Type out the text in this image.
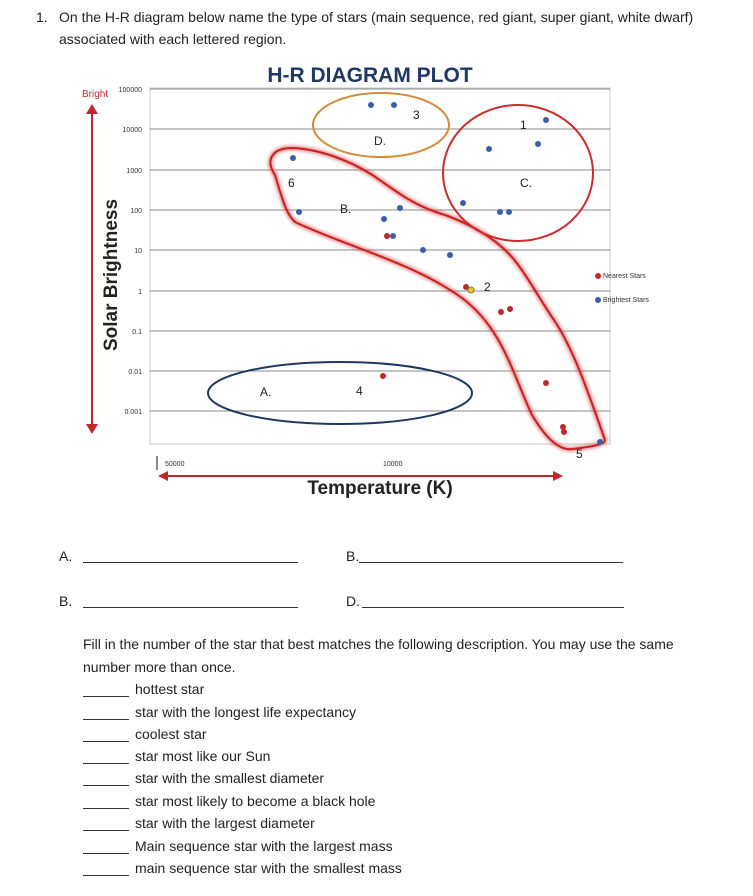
1. On the H-R diagram below name the type of stars (main sequence, red giant, super giant, white dwarf)
associated with each lettered region.
H-R DIAGRAM PLOT
100000
10000
1000
100
10
1
0.1
0.01
0.001
Bright
Solar Brightness
50000	10000
Temperature (K)
A.
B.
C.
D.
1
2
3
4
5
6
Nearest Stars
Brightest Stars
A.	B.
B.	D.
Fill in the number of the star that best matches the following description. You may use the same
number more than once.
hottest star
star with the longest life expectancy
coolest star
star most like our Sun
star with the smallest diameter
star most likely to become a black hole
star with the largest diameter
Main sequence star with the largest mass
main sequence star with the smallest mass
